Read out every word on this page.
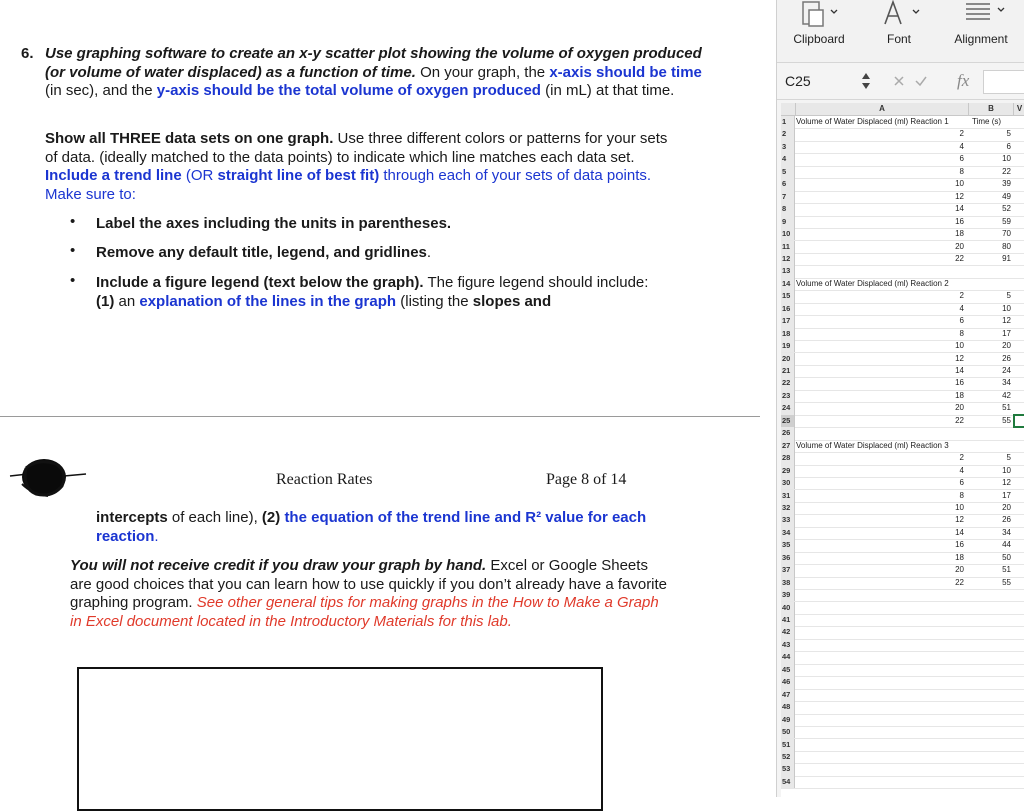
6. Use graphing software to create an x-y scatter plot showing the volume of oxygen produced (or volume of water displaced) as a function of time. On your graph, the x-axis should be time (in sec), and the y-axis should be the total volume of oxygen produced (in mL) at that time.
Show all THREE data sets on one graph. Use three different colors or patterns for your sets of data. (ideally matched to the data points) to indicate which line matches each data set. Include a trend line (OR straight line of best fit) through each of your sets of data points. Make sure to:
• Label the axes including the units in parentheses.
• Remove any default title, legend, and gridlines.
• Include a figure legend (text below the graph). The figure legend should include: (1) an explanation of the lines in the graph (listing the slopes and
Reaction Rates	Page 8 of 14
intercepts of each line), (2) the equation of the trend line and R² value for each reaction.
You will not receive credit if you draw your graph by hand. Excel or Google Sheets are good choices that you can learn how to use quickly if you don’t already have a favorite graphing program. See other general tips for making graphs in the How to Make a Graph in Excel document located in the Introductory Materials for this lab.
Clipboard	Font	Alignment
C25	fx
A	B	V
1	Volume of Water Displaced (ml) Reaction 1	Time (s)
2	2	5
3	4	6
4	6	10
5	8	22
6	10	39
7	12	49
8	14	52
9	16	59
10	18	70
11	20	80
12	22	91
13
14 Volume of Water Displaced (ml) Reaction 2
15	2	5
16	4	10
17	6	12
18	8	17
19	10	20
20	12	26
21	14	24
22	16	34
23	18	42
24	20	51
25	22	55
26
27 Volume of Water Displaced (ml) Reaction 3
28	2	5
29	4	10
30	6	12
31	8	17
32	10	20
33	12	26
34	14	34
35	16	44
36	18	50
37	20	51
38	22	55
39
40
41
42
43
44
45
46
47
48
49
50
51
52
53
54
